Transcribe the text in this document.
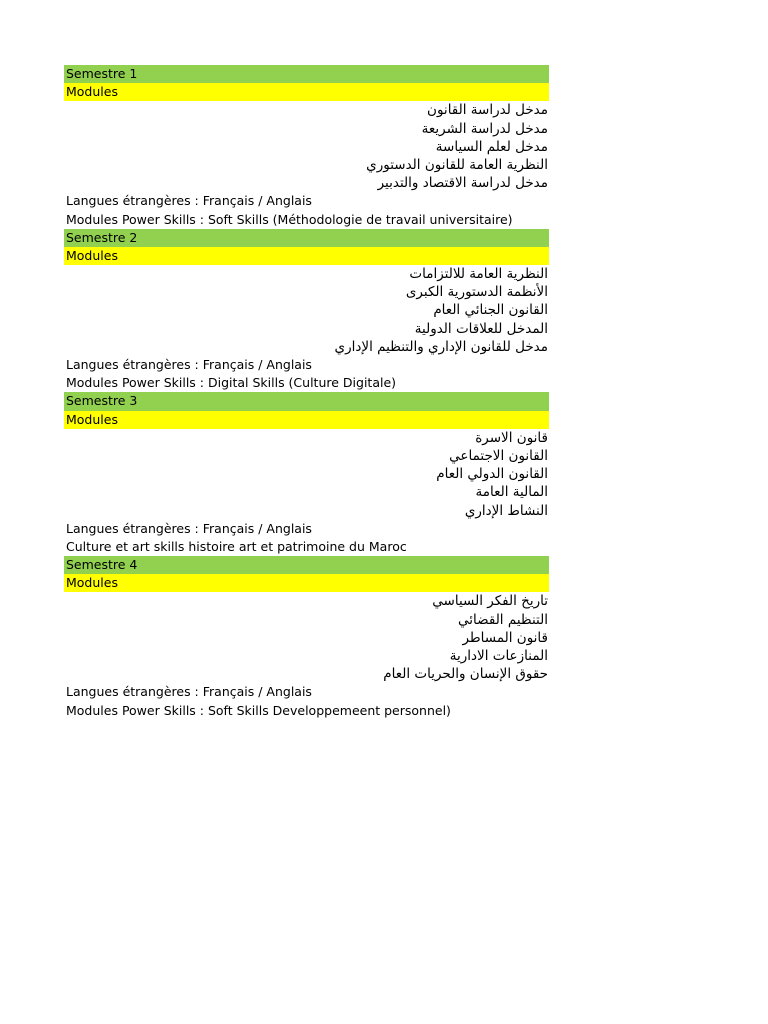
Semestre 1
Modules
مدخل لدراسة القانون
مدخل لدراسة الشريعة
مدخل لعلم السياسة
النظرية العامة للقانون الدستوري
مدخل لدراسة الاقتصاد والتدبير
Langues étrangères : Français / Anglais
Modules Power Skills : Soft Skills (Méthodologie de travail universitaire)
Semestre 2
Modules
النظرية العامة للالتزامات
الأنظمة الدستورية الكبرى
القانون الجنائي العام
المدخل للعلاقات الدولية
مدخل للقانون الإداري والتنظيم الإداري
Langues étrangères : Français / Anglais
Modules Power Skills : Digital Skills (Culture Digitale)
Semestre 3
Modules
قانون الاسرة
القانون الاجتماعي
القانون الدولي العام
المالية العامة
النشاط الإداري
Langues étrangères : Français / Anglais
Culture et art skills histoire art et patrimoine du Maroc
Semestre 4
Modules
تاريخ الفكر السياسي
التنظيم القضائي
قانون المساطر
المنازعات الادارية
حقوق الإنسان والحريات العام
Langues étrangères : Français / Anglais
Modules Power Skills : Soft Skills Developpemeent personnel)
